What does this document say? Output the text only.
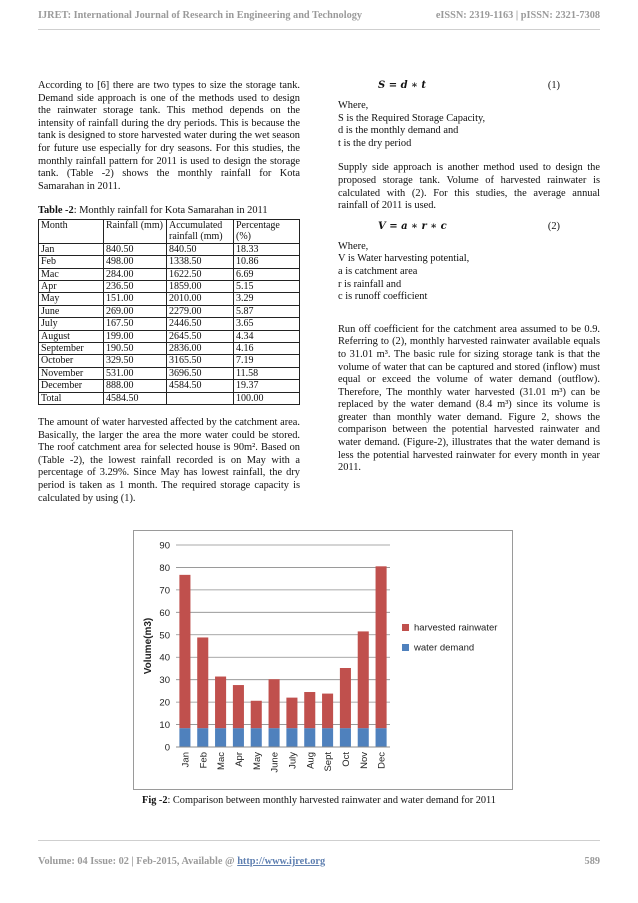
IJRET: International Journal of Research in Engineering and Technology	eISSN: 2319-1163 | pISSN: 2321-7308

According to [6] there are two types to size the storage tank. Demand side approach is one of the methods used to design the rainwater storage tank. This method depends on the intensity of rainfall during the dry periods. This is because the tank is designed to store harvested water during the wet season for future use especially for dry seasons. For this studies, the monthly rainfall pattern for 2011 is used to design the storage tank. (Table -2) shows the monthly rainfall for Kota Samarahan in 2011.

Table -2: Monthly rainfall for Kota Samarahan in 2011

Month	Rainfall (mm)	Accumulated rainfall (mm)	Percentage (%)
Jan	840.50	840.50	18.33
Feb	498.00	1338.50	10.86
Mac	284.00	1622.50	6.69
Apr	236.50	1859.00	5.15
May	151.00	2010.00	3.29
June	269.00	2279.00	5.87
July	167.50	2446.50	3.65
August	199.00	2645.50	4.34
September	190.50	2836.00	4.16
October	329.50	3165.50	7.19
November	531.00	3696.50	11.58
December	888.00	4584.50	19.37
Total	4584.50		100.00

The amount of water harvested affected by the catchment area. Basically, the larger the area the more water could be stored. The roof catchment area for selected house is 90m². Based on (Table -2), the lowest rainfall recorded is on May with a percentage of 3.29%. Since May has lowest rainfall, the dry period is taken as 1 month. The required storage capacity is calculated by using (1).

S = d ∗ t	(1)

Where,

S is the Required Storage Capacity,

d is the monthly demand and

t is the dry period

Supply side approach is another method used to design the proposed storage tank. Volume of harvested rainwater is calculated with (2). For this studies, the average annual rainfall of 2011 is used.

V = a ∗ r ∗ c	(2)

Where,

V is Water harvesting potential,

a is catchment area

r is rainfall and

c is runoff coefficient

Run off coefficient for the catchment area assumed to be 0.9. Referring to (2), monthly harvested rainwater available equals to 31.01 m³. The basic rule for sizing storage tank is that the volume of water that can be captured and stored (inflow) must equal or exceed the volume of water demand (outflow). Therefore, The monthly water harvested (31.01 m³) can be replaced by the water demand (8.4 m³) since its volume is greater than monthly water demand. Figure 2, shows the comparison between the potential harvested rainwater and water demand. (Figure-2), illustrates that the water demand is less the potential harvested rainwater for every month in year 2011.

0
10
20
30
40
50
60
70
80
90
Volume(m3)
Jan Feb Mac Apr May June July Aug Sept Oct Nov Dec
harvested rainwater
water demand
Fig -2: Comparison between monthly harvested rainwater and water demand for 2011
Volume: 04 Issue: 02 | Feb-2015, Available @ http://www.ijret.org	589
